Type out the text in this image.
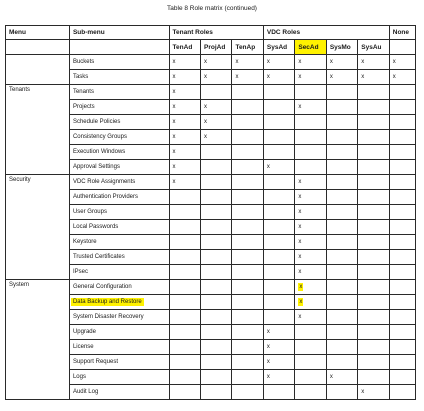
Table 8 Role matrix (continued)
Menu	Sub-menu	Tenant Roles			VDC Roles				None
		TenAd	ProjAd	TenAp	SysAd	SecAd	SysMo	SysAu	
	Buckets	x	x	x	x	x	x	x	x
	Tasks	x	x	x	x	x	x	x	x
Tenants	Tenants	x							
	Projects	x	x			x			
	Schedule Policies	x	x						
	Consistency Groups	x	x						
	Execution Windows	x							
	Approval Settings	x			x				
Security	VDC Role Assignments	x				x			
	Authentication Providers					x			
	User Groups					x			
	Local Passwords					x			
	Keystore					x			
	Trusted Certificates					x			
	IPsec					x			
System	General Configuration					x			
	Data Backup and Restore					x			
	System Disaster Recovery					x			
	Upgrade				x				
	License				x				
	Support Request				x				
	Logs				x		x		
	Audit Log							x	
